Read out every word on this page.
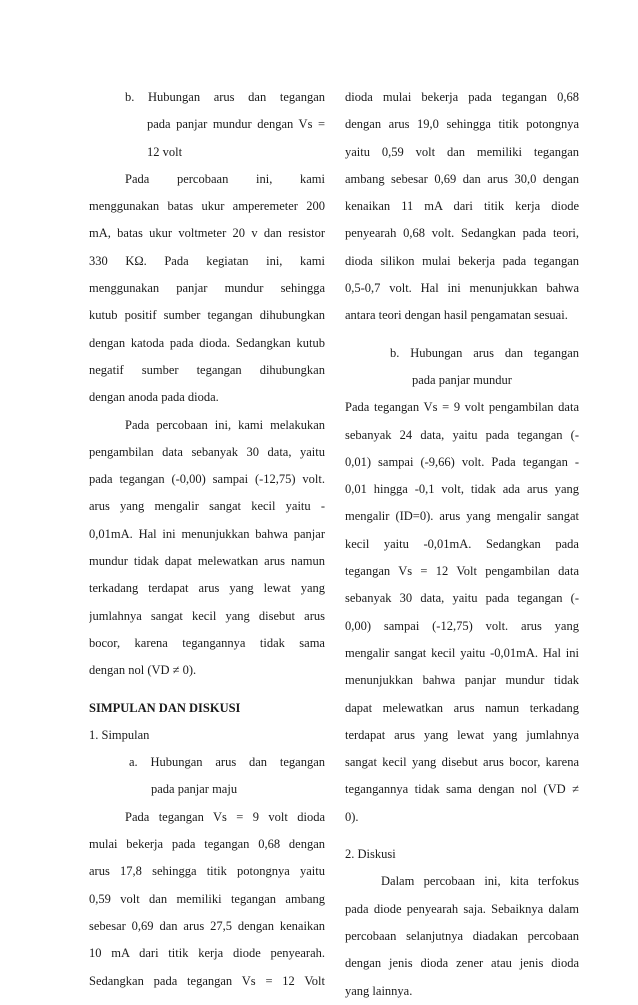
b. Hubungan arus dan tegangan
pada panjar mundur dengan Vs =
12 volt
Pada percobaan ini, kami
menggunakan batas ukur amperemeter 200
mA, batas ukur voltmeter 20 v dan resistor
330 KΩ. Pada kegiatan ini, kami
menggunakan panjar mundur sehingga
kutub positif sumber tegangan dihubungkan
dengan katoda pada dioda. Sedangkan kutub
negatif sumber tegangan dihubungkan
dengan anoda pada dioda.
Pada percobaan ini, kami melakukan
pengambilan data sebanyak 30 data, yaitu
pada tegangan (-0,00) sampai (-12,75) volt.
arus yang mengalir sangat kecil yaitu -
0,01mA. Hal ini menunjukkan bahwa panjar
mundur tidak dapat melewatkan arus namun
terkadang terdapat arus yang lewat yang
jumlahnya sangat kecil yang disebut arus
bocor, karena tegangannya tidak sama
dengan nol (VD ≠ 0).
SIMPULAN DAN DISKUSI
1. Simpulan
a. Hubungan arus dan tegangan
pada panjar maju
Pada tegangan Vs = 9 volt dioda
mulai bekerja pada tegangan 0,68 dengan
arus 17,8 sehingga titik potongnya yaitu
0,59 volt dan memiliki tegangan ambang
sebesar 0,69 dan arus 27,5 dengan kenaikan
10 mA dari titik kerja diode penyearah.
Sedangkan pada tegangan Vs = 12 Volt
dioda mulai bekerja pada tegangan 0,68
dengan arus 19,0 sehingga titik potongnya
yaitu 0,59 volt dan memiliki tegangan
ambang sebesar 0,69 dan arus 30,0 dengan
kenaikan 11 mA dari titik kerja diode
penyearah 0,68 volt. Sedangkan pada teori,
dioda silikon mulai bekerja pada tegangan
0,5-0,7 volt. Hal ini menunjukkan bahwa
antara teori dengan hasil pengamatan sesuai.
b. Hubungan arus dan tegangan
pada panjar mundur
Pada tegangan Vs = 9 volt pengambilan data
sebanyak 24 data, yaitu pada tegangan (-
0,01) sampai (-9,66) volt. Pada tegangan -
0,01 hingga -0,1 volt, tidak ada arus yang
mengalir (ID=0). arus yang mengalir sangat
kecil yaitu -0,01mA. Sedangkan pada
tegangan Vs = 12 Volt pengambilan data
sebanyak 30 data, yaitu pada tegangan (-
0,00) sampai (-12,75) volt. arus yang
mengalir sangat kecil yaitu -0,01mA. Hal ini
menunjukkan bahwa panjar mundur tidak
dapat melewatkan arus namun terkadang
terdapat arus yang lewat yang jumlahnya
sangat kecil yang disebut arus bocor, karena
tegangannya tidak sama dengan nol (VD ≠
0).
2. Diskusi
Dalam percobaan ini, kita terfokus
pada diode penyearah saja. Sebaiknya dalam
percobaan selanjutnya diadakan percobaan
dengan jenis dioda zener atau jenis dioda
yang lainnya.
